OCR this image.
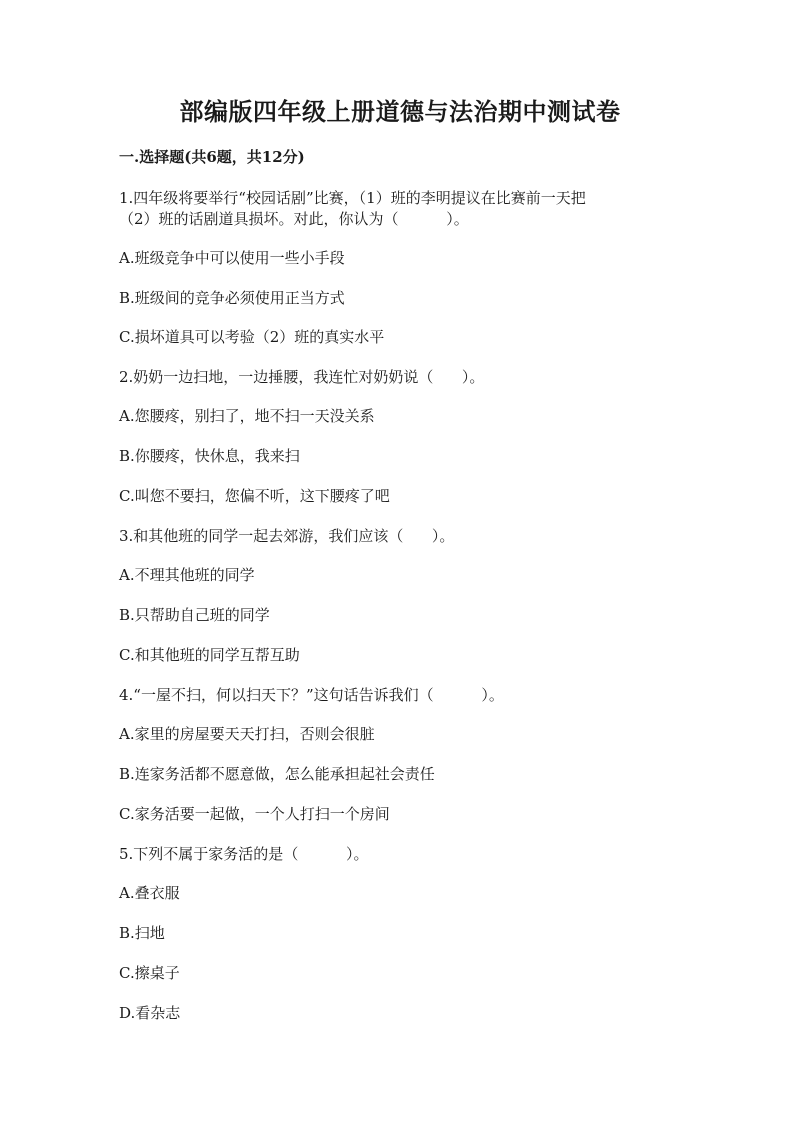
部编版四年级上册道德与法治期中测试卷
一.选择题(共6题，共12分)
1.四年级将要举行“校园话剧”比赛，（1）班的李明提议在比赛前一天把
（2）班的话剧道具损坏。对此，你认为（          ）。
A.班级竞争中可以使用一些小手段
B.班级间的竞争必须使用正当方式
C.损坏道具可以考验（2）班的真实水平
2.奶奶一边扫地，一边捶腰，我连忙对奶奶说（      ）。
A.您腰疼，别扫了，地不扫一天没关系
B.你腰疼，快休息，我来扫
C.叫您不要扫，您偏不听，这下腰疼了吧
3.和其他班的同学一起去郊游，我们应该（      ）。
A.不理其他班的同学
B.只帮助自己班的同学
C.和其他班的同学互帮互助
4.“一屋不扫，何以扫天下？”这句话告诉我们（          ）。
A.家里的房屋要天天打扫，否则会很脏
B.连家务活都不愿意做，怎么能承担起社会责任
C.家务活要一起做，一个人打扫一个房间
5.下列不属于家务活的是（          ）。
A.叠衣服
B.扫地
C.擦桌子
D.看杂志
